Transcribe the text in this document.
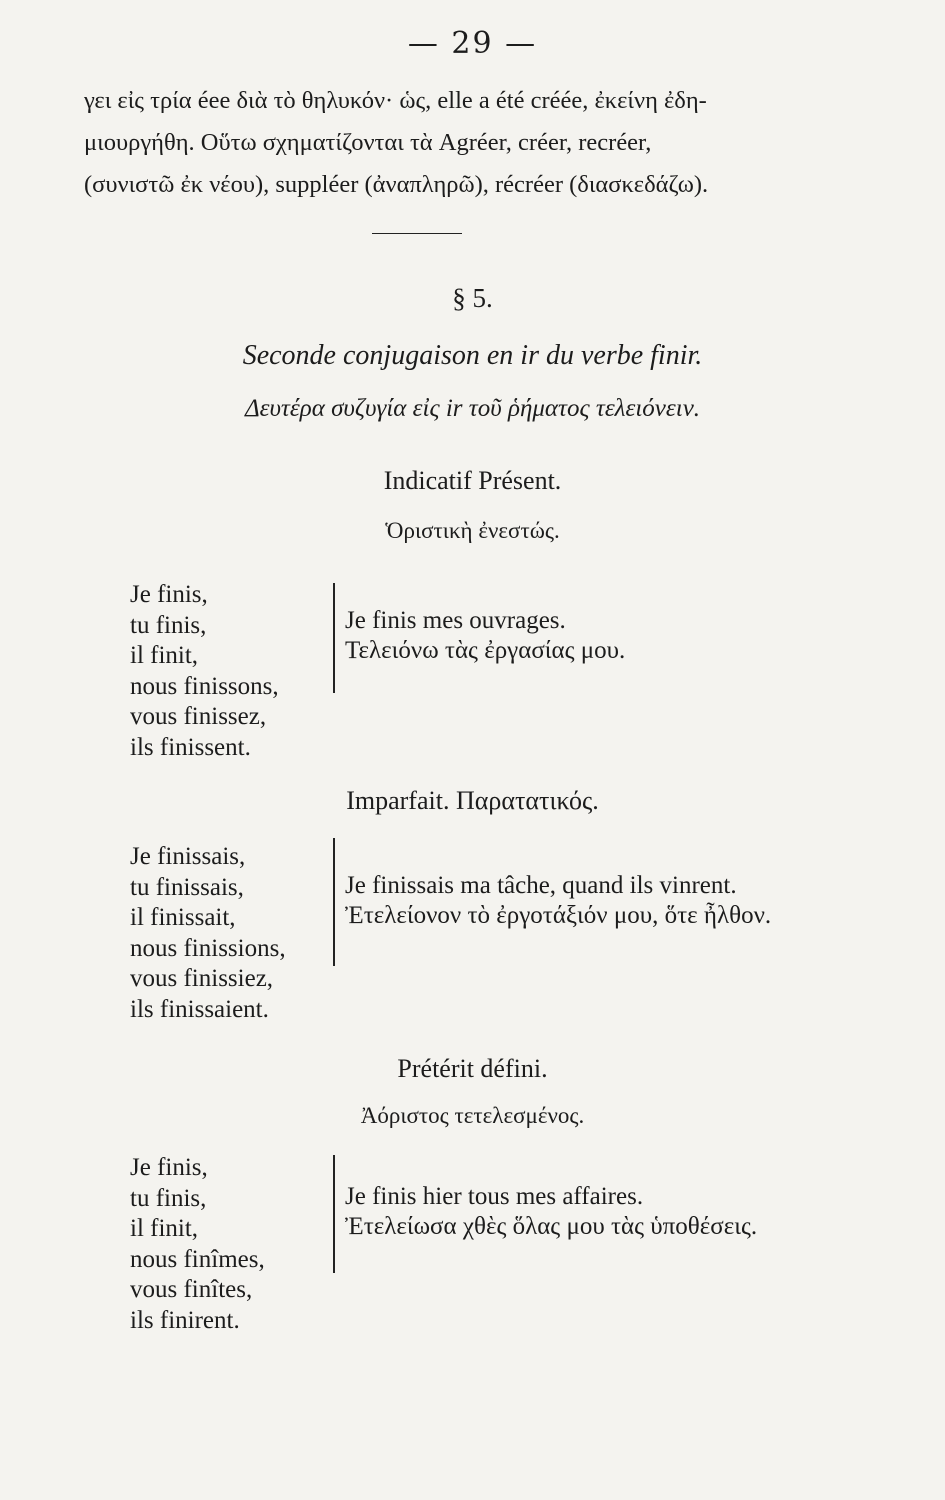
— 29 —

γει εἰς τρία éee διὰ τὸ θηλυκόν· ὡς, elle a été créée, ἐκείνη ἐδη-

μιουργήθη. Οὕτω σχηματίζονται τὰ Agréer, créer, recréer,

(συνιστῶ ἐκ νέου), suppléer (ἀναπληρῶ), récréer (διασκεδάζω).

§ 5.
Seconde conjugaison en ir du verbe finir.
Δευτέρα συζυγία εἰς ir τοῦ ῥήματος τελειόνειν.
Indicatif Présent.
Ὁριστικὴ ἐνεστώς.
Je finis,
tu finis,
il finit,
nous finissons,
vous finissez,
ils finissent.
Je finis mes ouvrages.
Τελειόνω τὰς ἐργασίας μου.
Imparfait. Παρατατικός.
Je finissais,
tu finissais,
il finissait,
nous finissions,
vous finissiez,
ils finissaient.
Je finissais ma tâche, quand ils vinrent.
Ἐτελείονον τὸ ἐργοτάξιόν μου, ὅτε ἦλθον.
Prétérit défini.
Ἀόριστος τετελεσμένος.
Je finis,
tu finis,
il finit,
nous finîmes,
vous finîtes,
ils finirent.
Je finis hier tous mes affaires.
Ἐτελείωσα χθὲς ὅλας μου τὰς ὑποθέσεις.
